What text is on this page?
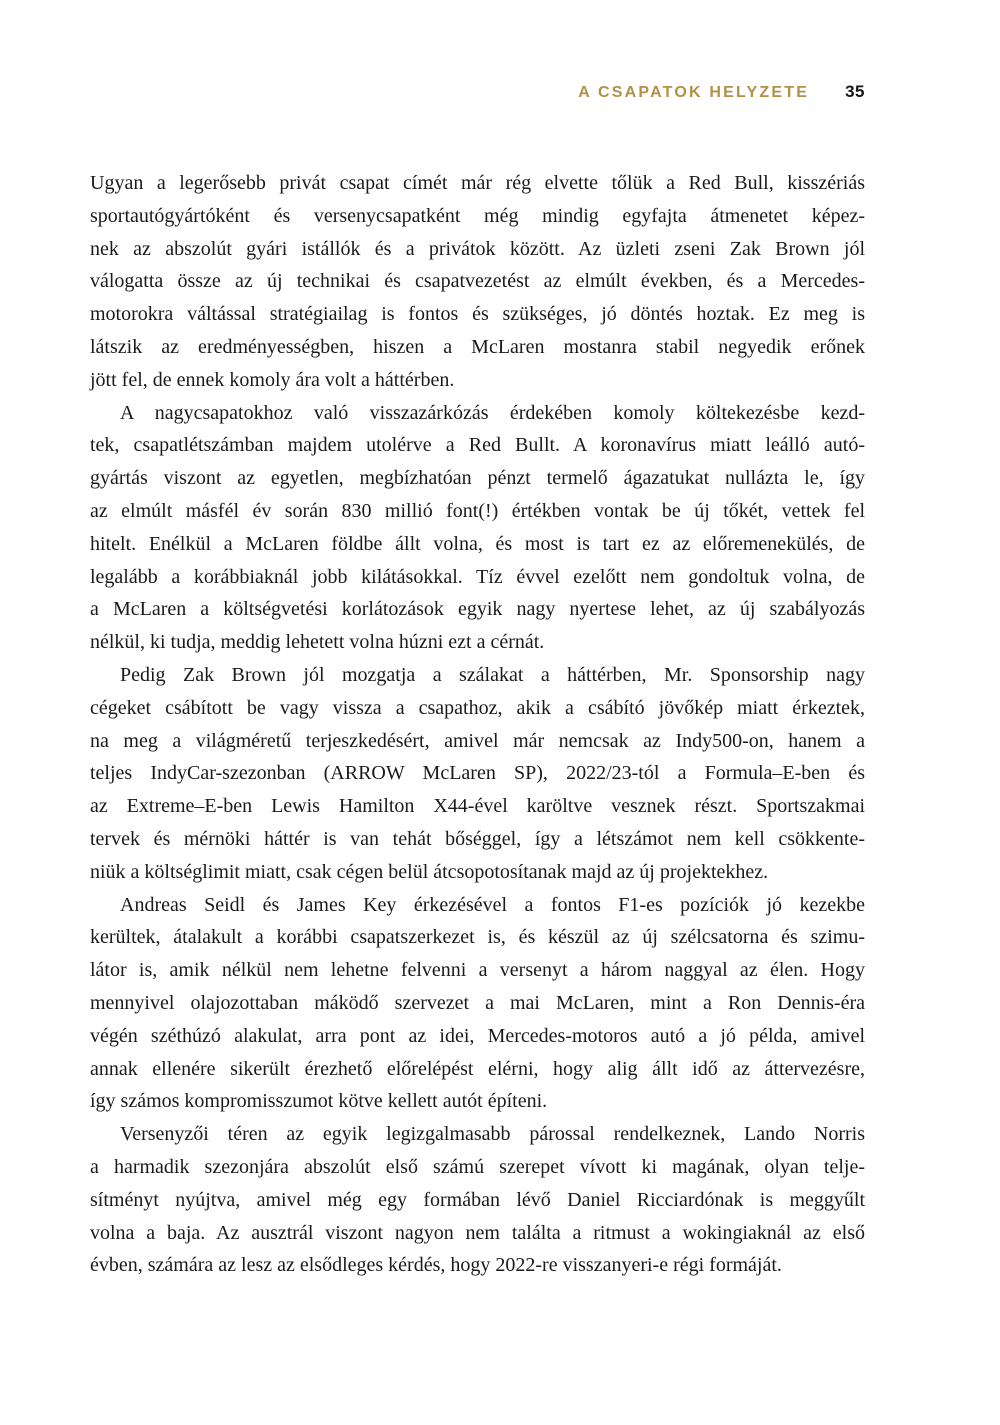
A CSAPATOK HELYZETE 35
Ugyan a legerősebb privát csapat címét már rég elvette tőlük a Red Bull, kisszériás
sportautógyártóként és versenycsapatként még mindig egyfajta átmenetet képez-
nek az abszolút gyári istállók és a privátok között. Az üzleti zseni Zak Brown jól
válogatta össze az új technikai és csapatvezetést az elmúlt években, és a Mercedes-
motorokra váltással stratégiailag is fontos és szükséges, jó döntés hoztak. Ez meg is
látszik az eredményességben, hiszen a McLaren mostanra stabil negyedik erőnek
jött fel, de ennek komoly ára volt a háttérben.
A nagycsapatokhoz való visszazárkózás érdekében komoly költekezésbe kezd-
tek, csapatlétszámban majdem utolérve a Red Bullt. A koronavírus miatt leálló autó-
gyártás viszont az egyetlen, megbízhatóan pénzt termelő ágazatukat nullázta le, így
az elmúlt másfél év során 830 millió font(!) értékben vontak be új tőkét, vettek fel
hitelt. Enélkül a McLaren földbe állt volna, és most is tart ez az előremenekülés, de
legalább a korábbiaknál jobb kilátásokkal. Tíz évvel ezelőtt nem gondoltuk volna, de
a McLaren a költségvetési korlátozások egyik nagy nyertese lehet, az új szabályozás
nélkül, ki tudja, meddig lehetett volna húzni ezt a cérnát.
Pedig Zak Brown jól mozgatja a szálakat a háttérben, Mr. Sponsorship nagy
cégeket csábított be vagy vissza a csapathoz, akik a csábító jövőkép miatt érkeztek,
na meg a világméretű terjeszkedésért, amivel már nemcsak az Indy500-on, hanem a
teljes IndyCar-szezonban (ARROW McLaren SP), 2022/23-tól a Formula–E-ben és
az Extreme–E-ben Lewis Hamilton X44-ével karöltve vesznek részt. Sportszakmai
tervek és mérnöki háttér is van tehát bőséggel, így a létszámot nem kell csökkente-
niük a költséglimit miatt, csak cégen belül átcsopotosítanak majd az új projektekhez.
Andreas Seidl és James Key érkezésével a fontos F1-es pozíciók jó kezekbe
kerültek, átalakult a korábbi csapatszerkezet is, és készül az új szélcsatorna és szimu-
látor is, amik nélkül nem lehetne felvenni a versenyt a három naggyal az élen. Hogy
mennyivel olajozottaban máködő szervezet a mai McLaren, mint a Ron Dennis-éra
végén széthúzó alakulat, arra pont az idei, Mercedes-motoros autó a jó példa, amivel
annak ellenére sikerült érezhető előrelépést elérni, hogy alig állt idő az áttervezésre,
így számos kompromisszumot kötve kellett autót építeni.
Versenyzői téren az egyik legizgalmasabb párossal rendelkeznek, Lando Norris
a harmadik szezonjára abszolút első számú szerepet vívott ki magának, olyan telje-
sítményt nyújtva, amivel még egy formában lévő Daniel Ricciardónak is meggyűlt
volna a baja. Az ausztrál viszont nagyon nem találta a ritmust a wokingiaknál az első
évben, számára az lesz az elsődleges kérdés, hogy 2022-re visszanyeri-e régi formáját.
